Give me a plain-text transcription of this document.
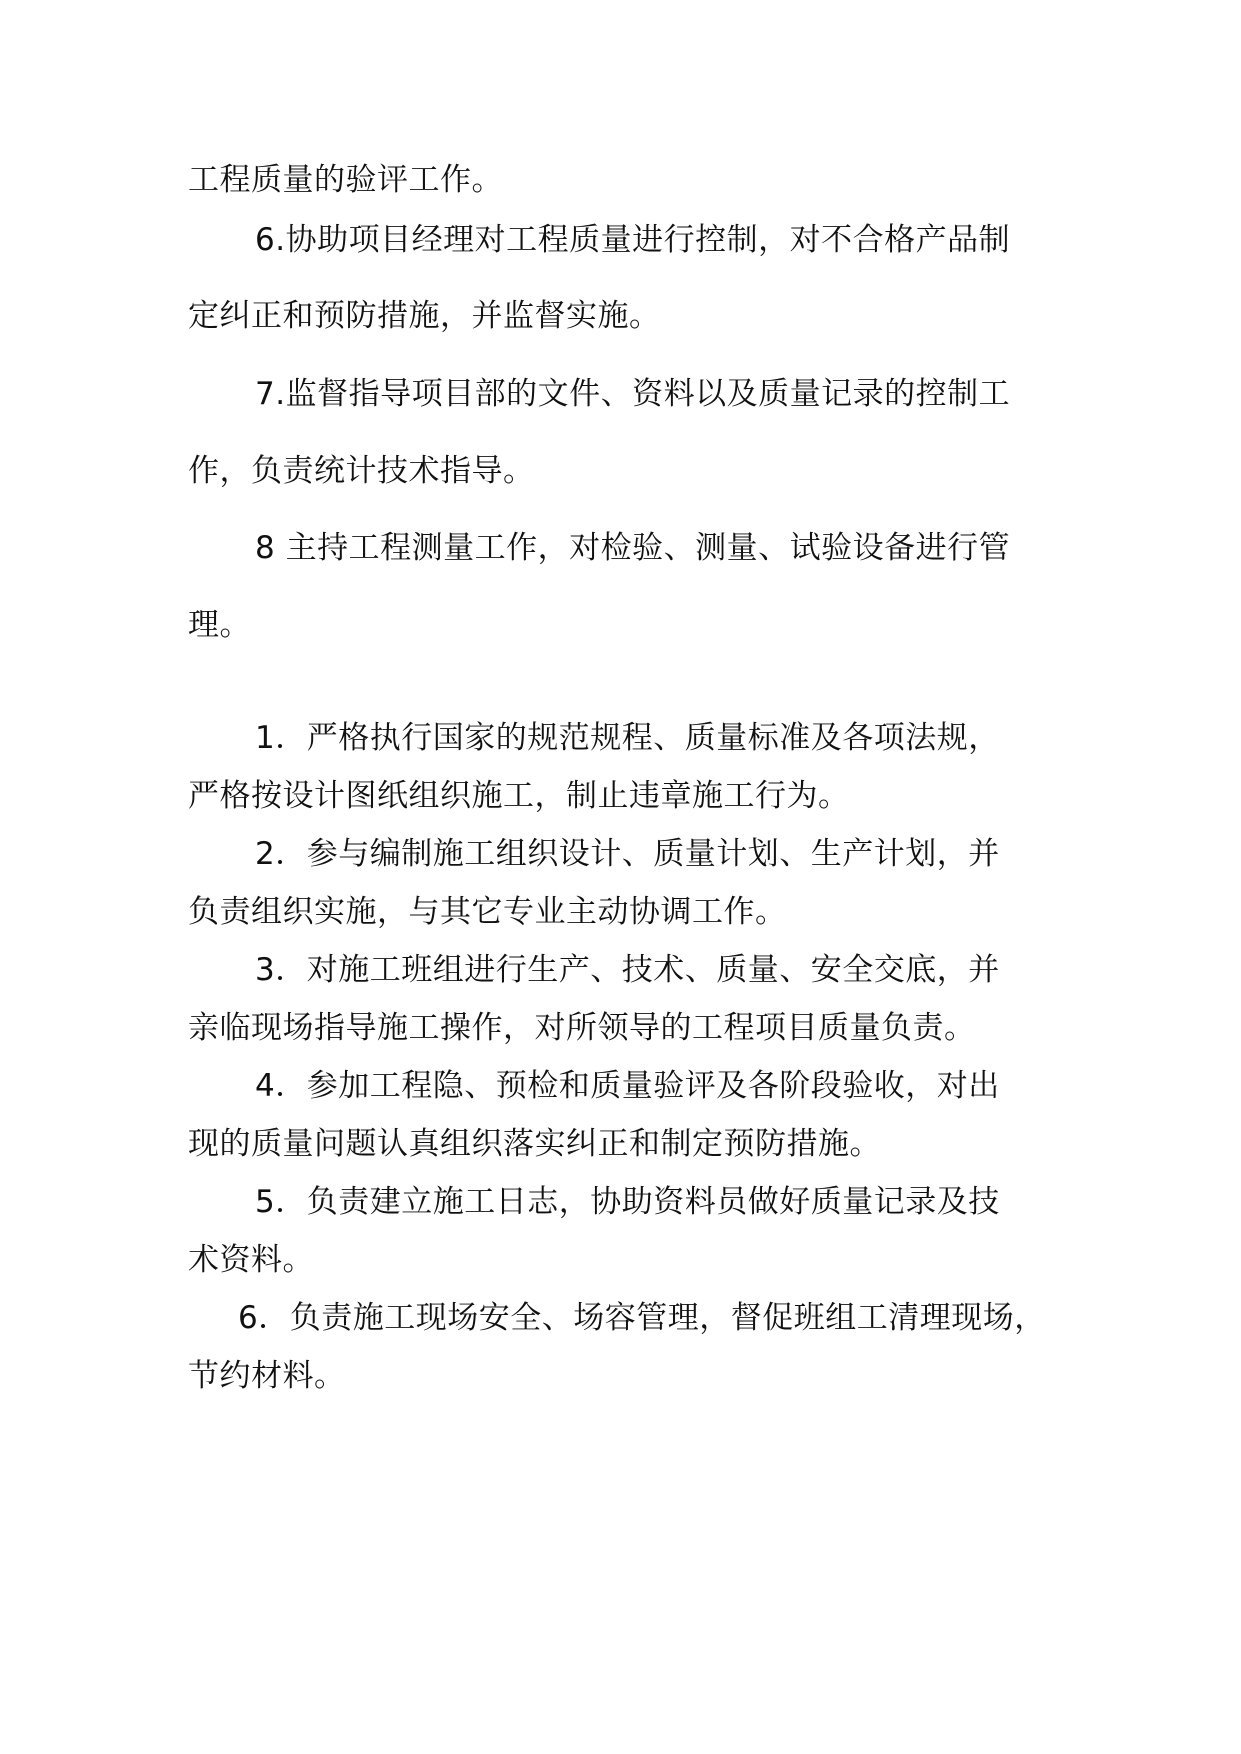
工程质量的验评工作。
6.协助项目经理对工程质量进行控制，对不合格产品制
定纠正和预防措施，并监督实施。
7.监督指导项目部的文件、资料以及质量记录的控制工
作，负责统计技术指导。
8 主持工程测量工作，对检验、测量、试验设备进行管
理。
1．严格执行国家的规范规程、质量标准及各项法规，
严格按设计图纸组织施工，制止违章施工行为。
2．参与编制施工组织设计、质量计划、生产计划，并
负责组织实施，与其它专业主动协调工作。
3．对施工班组进行生产、技术、质量、安全交底，并
亲临现场指导施工操作，对所领导的工程项目质量负责。
4．参加工程隐、预检和质量验评及各阶段验收，对出
现的质量问题认真组织落实纠正和制定预防措施。
5．负责建立施工日志，协助资料员做好质量记录及技
术资料。
6．负责施工现场安全、场容管理，督促班组工清理现场，
节约材料。
